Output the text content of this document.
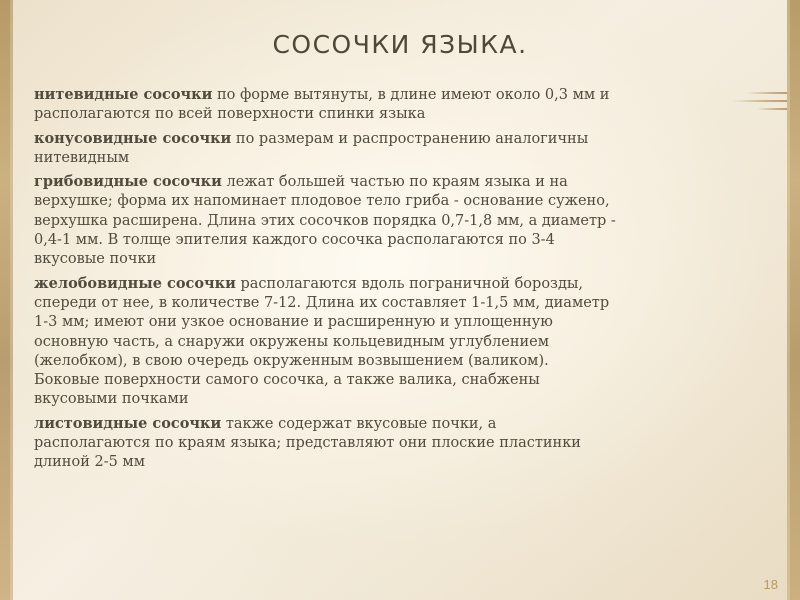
СОСОЧКИ ЯЗЫКА.

нитевидные сосочки по форме вытянуты, в длине имеют около 0,3 мм и располагаются по всей поверхности спинки языка

конусовидные сосочки по размерам и распространению аналогичны нитевидным

грибовидные сосочки лежат большей частью по краям языка и на верхушке; форма их напоминает плодовое тело гриба - основание сужено, верхушка расширена. Длина этих сосочков порядка 0,7-1,8 мм, а диаметр - 0,4-1 мм. В толще эпителия каждого сосочка располагаются по 3-4 вкусовые почки

желобовидные сосочки располагаются вдоль пограничной борозды, спереди от нее, в количестве 7-12. Длина их составляет 1-1,5 мм, диаметр 1-3 мм; имеют они узкое основание и расширенную и уплощенную основную часть, а снаружи окружены кольцевидным углублением (желобком), в свою очередь окруженным возвышением (валиком). Боковые поверхности самого сосочка, а также валика, снабжены вкусовыми почками

листовидные сосочки также содержат вкусовые почки, а располагаются по краям языка; представляют они плоские пластинки длиной 2-5 мм

18
